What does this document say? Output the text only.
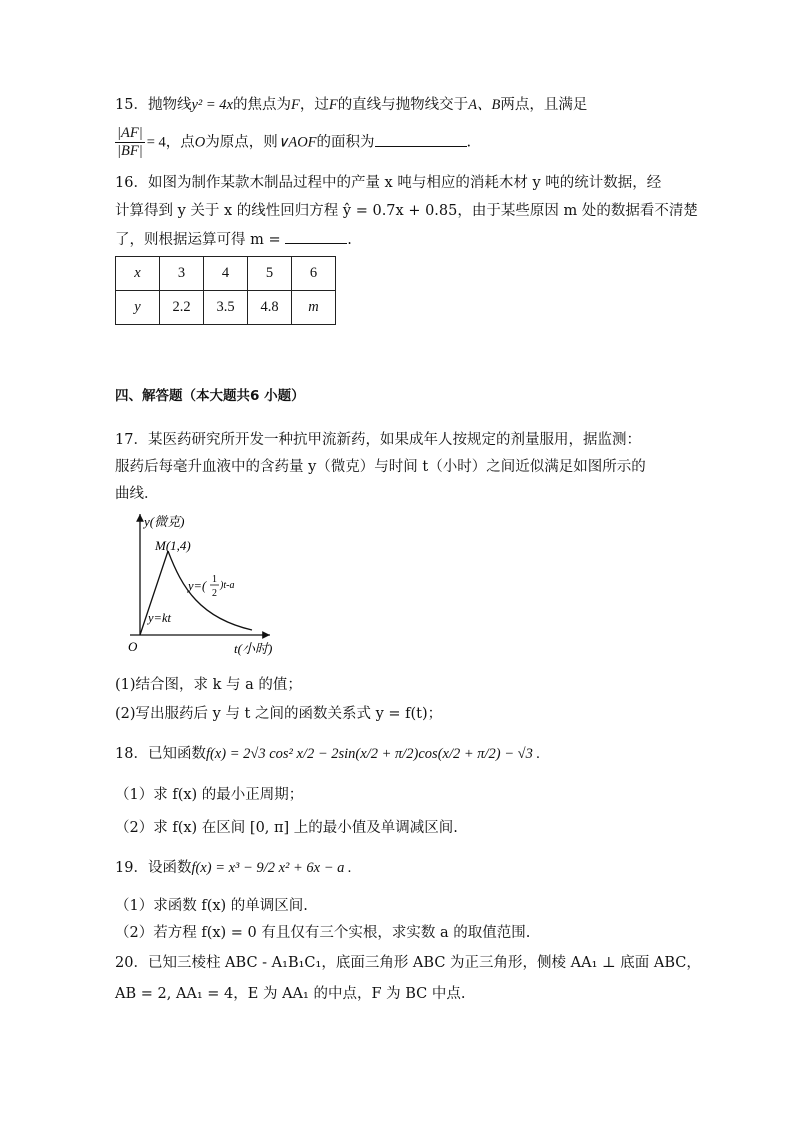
15．抛物线y² = 4x的焦点为F，过F的直线与抛物线交于A、B两点，且满足
$\frac{|AF|}{|BF|} = 4$，点O为原点，则∨AOF的面积为	.
16．如图为制作某款木制品过程中的产量 x 吨与相应的消耗木材 y 吨的统计数据，经
计算得到 y 关于 x 的线性回归方程 ŷ = 0.7x + 0.85，由于某些原因 m 处的数据看不清楚
了，则根据运算可得 m =	.
x	3	4	5	6
y	2.2	3.5	4.8	m
四、解答题（本大题共6 小题）
17．某医药研究所开发一种抗甲流新药，如果成年人按规定的剂量服用，据监测：
服药后每毫升血液中的含药量 y（微克）与时间 t（小时）之间近似满足如图所示的
曲线．
y(微克)
M(1,4)
y=( 1
2
)t-a
y=kt
O	t(小时)
(1)结合图，求 k 与 a 的值；
(2)写出服药后 y 与 t 之间的函数关系式 y = f(t)；
18．已知函数f(x) = 2√3 cos² x/2 − 2sin(x/2 + π/2)cos(x/2 + π/2) − √3 .
（1）求 f(x) 的最小正周期；
（2）求 f(x) 在区间 [0, π] 上的最小值及单调减区间.
19．设函数f(x) = x³ − 9/2 x² + 6x − a .
（1）求函数 f(x) 的单调区间.
（2）若方程 f(x) = 0 有且仅有三个实根，求实数 a 的取值范围.
20．已知三棱柱 ABC - A₁B₁C₁，底面三角形 ABC 为正三角形，侧棱 AA₁ ⊥ 底面 ABC，
AB = 2, AA₁ = 4，E 为 AA₁ 的中点，F 为 BC 中点.
